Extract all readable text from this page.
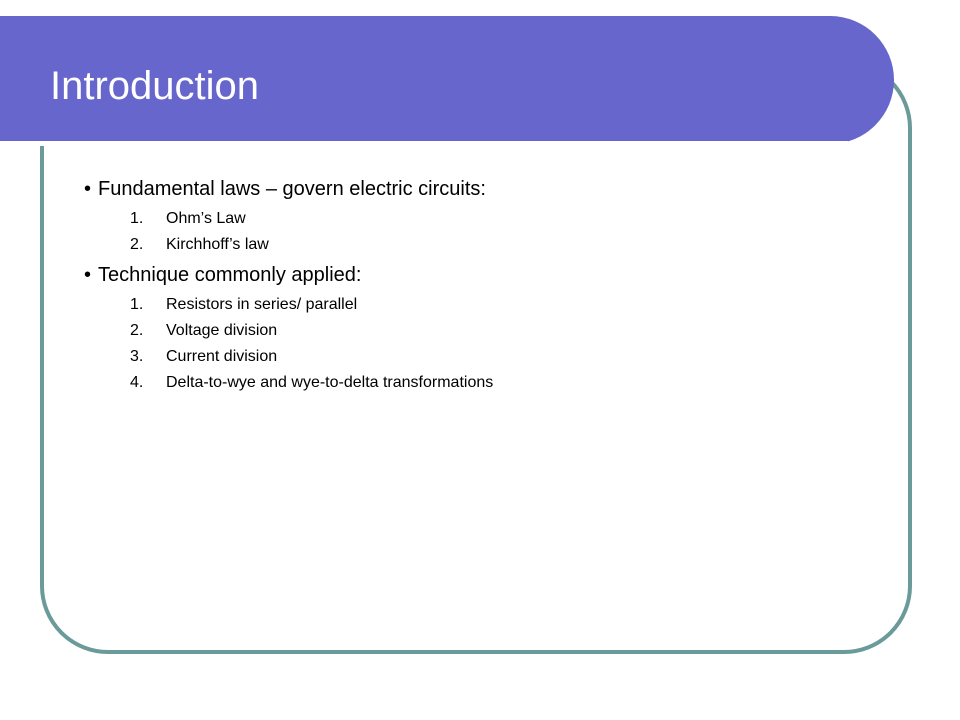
Introduction

• Fundamental laws – govern electric circuits:

1. Ohm’s Law
2. Kirchhoff’s law

• Technique commonly applied:

1. Resistors in series/ parallel
2. Voltage division
3. Current division
4. Delta-to-wye and wye-to-delta transformations
